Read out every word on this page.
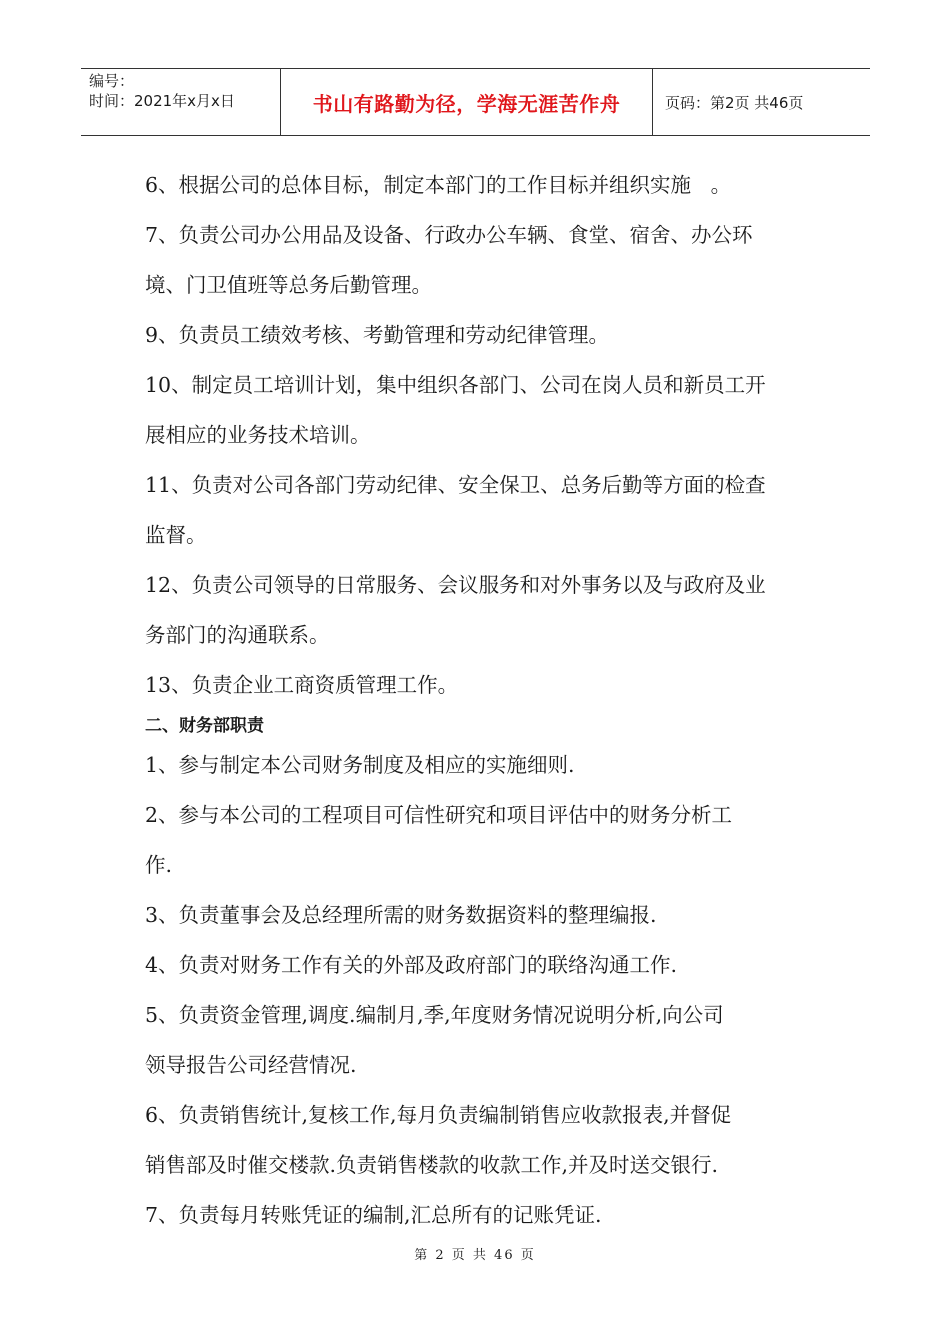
编号：
时间：2021年x月x日	书山有路勤为径，学海无涯苦作舟	页码：第2页 共46页

6、根据公司的总体目标，制定本部门的工作目标并组织实施   。

7、负责公司办公用品及设备、行政办公车辆、食堂、宿舍、办公环

境、门卫值班等总务后勤管理。

9、负责员工绩效考核、考勤管理和劳动纪律管理。

10、制定员工培训计划，集中组织各部门、公司在岗人员和新员工开

展相应的业务技术培训。

11、负责对公司各部门劳动纪律、安全保卫、总务后勤等方面的检查

监督。

12、负责公司领导的日常服务、会议服务和对外事务以及与政府及业

务部门的沟通联系。

13、负责企业工商资质管理工作。

二、财务部职责

1、参与制定本公司财务制度及相应的实施细则.

2、参与本公司的工程项目可信性研究和项目评估中的财务分析工

作.

3、负责董事会及总经理所需的财务数据资料的整理编报.

4、负责对财务工作有关的外部及政府部门的联络沟通工作.

5、负责资金管理,调度.编制月,季,年度财务情况说明分析,向公司

领导报告公司经营情况.

6、负责销售统计,复核工作,每月负责编制销售应收款报表,并督促

销售部及时催交楼款.负责销售楼款的收款工作,并及时送交银行.

7、负责每月转账凭证的编制,汇总所有的记账凭证.

第 2 页 共 46 页
